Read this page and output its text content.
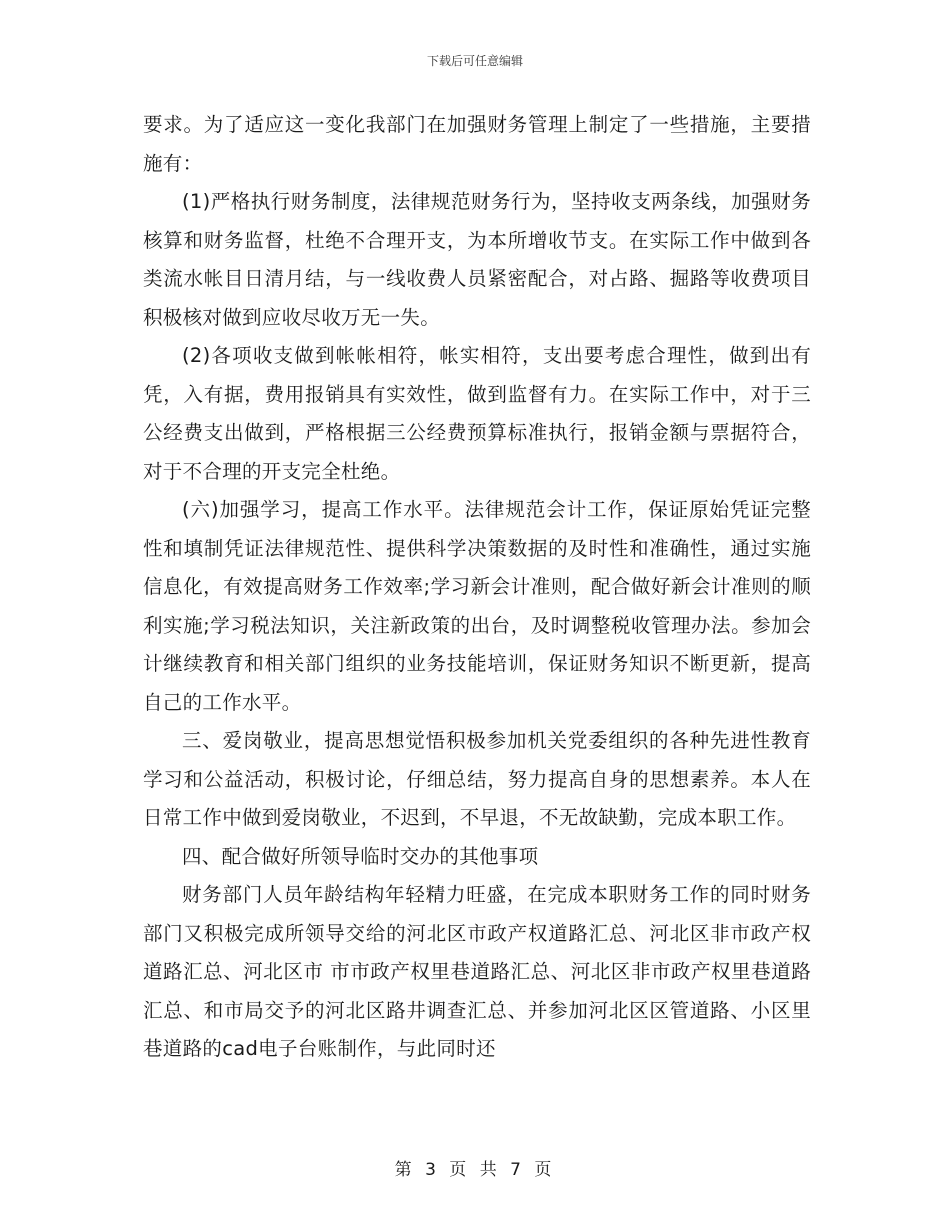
下载后可任意编辑

要求。为了适应这一变化我部门在加强财务管理上制定了一些措施，主要措施有：

(1)严格执行财务制度，法律规范财务行为，坚持收支两条线，加强财务核算和财务监督，杜绝不合理开支，为本所增收节支。在实际工作中做到各类流水帐目日清月结，与一线收费人员紧密配合，对占路、掘路等收费项目积极核对做到应收尽收万无一失。

(2)各项收支做到帐帐相符，帐实相符，支出要考虑合理性，做到出有凭，入有据，费用报销具有实效性，做到监督有力。在实际工作中，对于三公经费支出做到，严格根据三公经费预算标准执行，报销金额与票据符合，对于不合理的开支完全杜绝。

(六)加强学习，提高工作水平。法律规范会计工作，保证原始凭证完整性和填制凭证法律规范性、提供科学决策数据的及时性和准确性，通过实施信息化，有效提高财务工作效率;学习新会计准则，配合做好新会计准则的顺利实施;学习税法知识，关注新政策的出台，及时调整税收管理办法。参加会计继续教育和相关部门组织的业务技能培训，保证财务知识不断更新，提高自己的工作水平。

三、爱岗敬业，提高思想觉悟积极参加机关党委组织的各种先进性教育学习和公益活动，积极讨论，仔细总结，努力提高自身的思想素养。本人在日常工作中做到爱岗敬业，不迟到，不早退，不无故缺勤，完成本职工作。

四、配合做好所领导临时交办的其他事项

财务部门人员年龄结构年轻精力旺盛，在完成本职财务工作的同时财务部门又积极完成所领导交给的河北区市政产权道路汇总、河北区非市政产权道路汇总、河北区市 市市政产权里巷道路汇总、河北区非市政产权里巷道路汇总、和市局交予的河北区路井调查汇总、并参加河北区区管道路、小区里巷道路的cad电子台账制作，与此同时还

第 3 页 共 7 页
